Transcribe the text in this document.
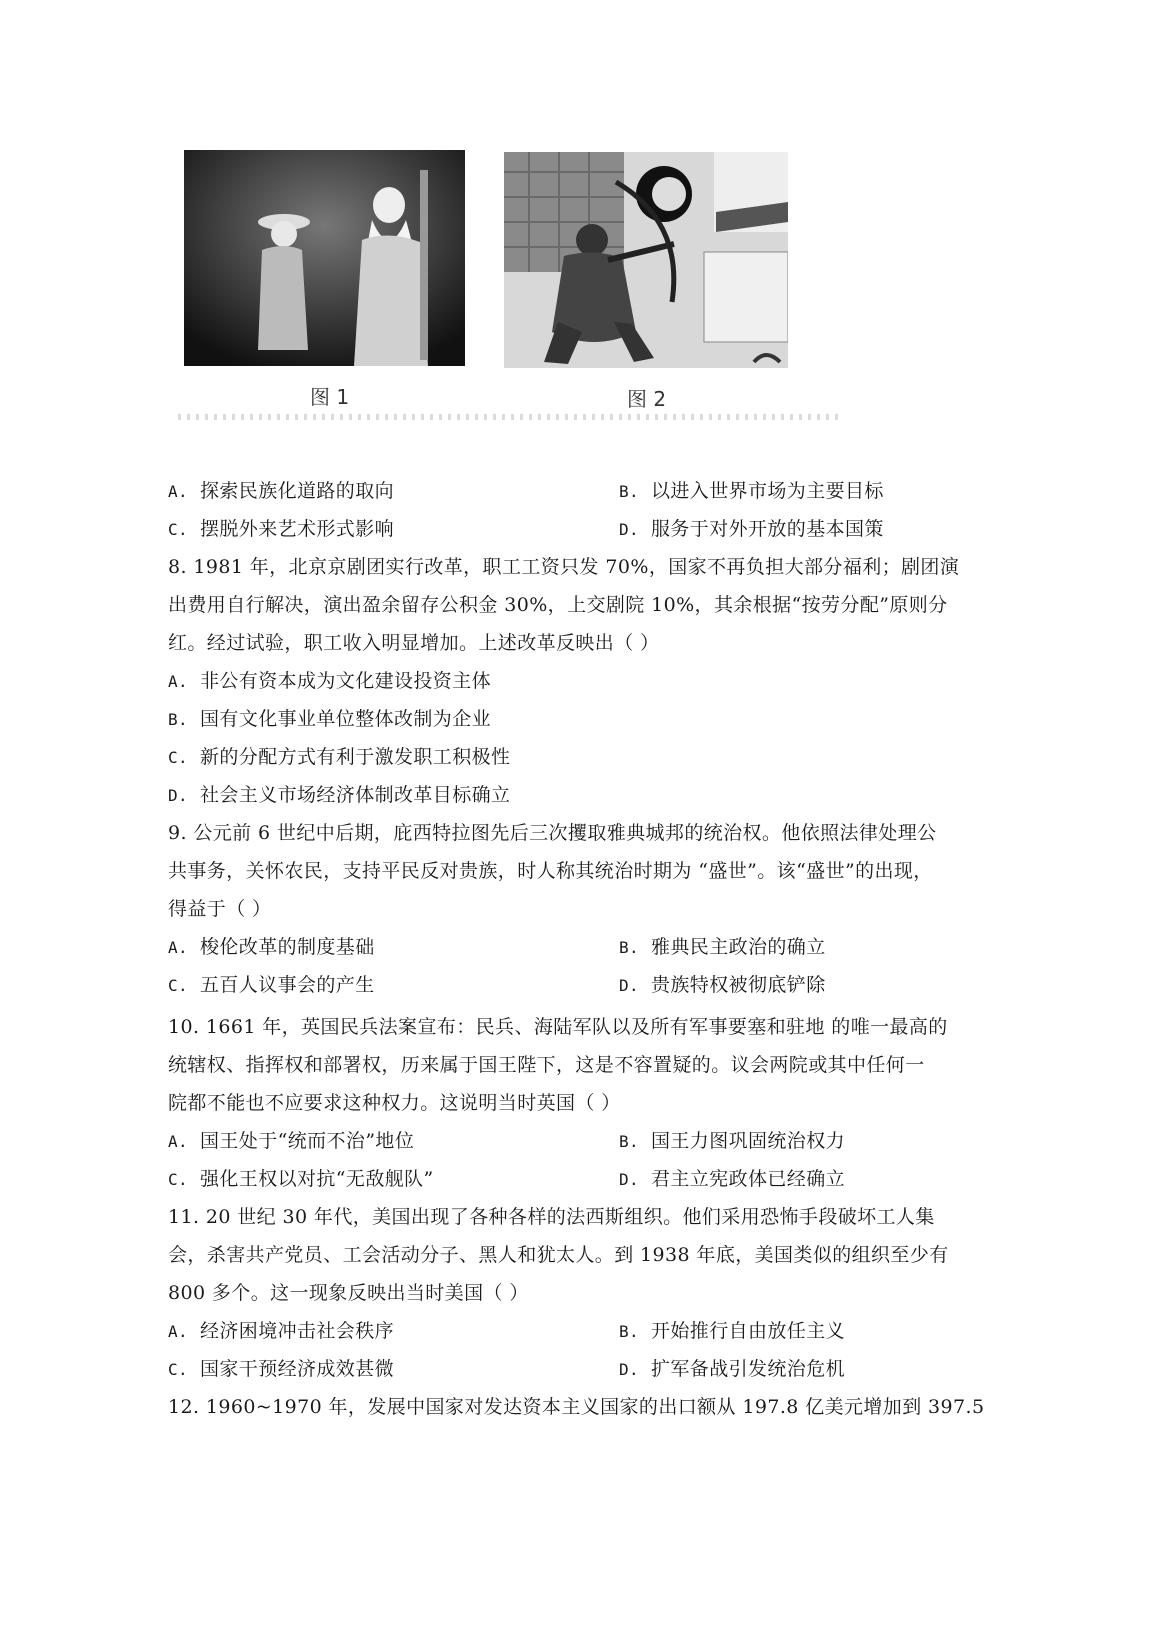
图 1	图 2
A. 探索民族化道路的取向	B. 以进入世界市场为主要目标
C. 摆脱外来艺术形式影响	D. 服务于对外开放的基本国策
8. 1981 年，北京京剧团实行改革，职工工资只发 70%，国家不再负担大部分福利；剧团演
出费用自行解决，演出盈余留存公积金 30%，上交剧院 10%，其余根据“按劳分配”原则分
红。经过试验，职工收入明显增加。上述改革反映出（ ）
A. 非公有资本成为文化建设投资主体
B. 国有文化事业单位整体改制为企业
C. 新的分配方式有利于激发职工积极性
D. 社会主义市场经济体制改革目标确立
9. 公元前 6 世纪中后期，庇西特拉图先后三次攫取雅典城邦的统治权。他依照法律处理公
共事务，关怀农民，支持平民反对贵族，时人称其统治时期为 “盛世”。该“盛世”的出现，
得益于（ ）
A. 梭伦改革的制度基础	B. 雅典民主政治的确立
C. 五百人议事会的产生	D. 贵族特权被彻底铲除
10. 1661 年，英国民兵法案宣布：民兵、海陆军队以及所有军事要塞和驻地 的唯一最高的
统辖权、指挥权和部署权，历来属于国王陛下，这是不容置疑的。议会两院或其中任何一
院都不能也不应要求这种权力。这说明当时英国（ ）
A. 国王处于“统而不治”地位	B. 国王力图巩固统治权力
C. 强化王权以对抗“无敌舰队”	D. 君主立宪政体已经确立
11. 20 世纪 30 年代，美国出现了各种各样的法西斯组织。他们采用恐怖手段破坏工人集
会，杀害共产党员、工会活动分子、黑人和犹太人。到 1938 年底，美国类似的组织至少有
800 多个。这一现象反映出当时美国（ ）
A. 经济困境冲击社会秩序	B. 开始推行自由放任主义
C. 国家干预经济成效甚微	D. 扩军备战引发统治危机
12. 1960~1970 年，发展中国家对发达资本主义国家的出口额从 197.8 亿美元增加到 397.5
